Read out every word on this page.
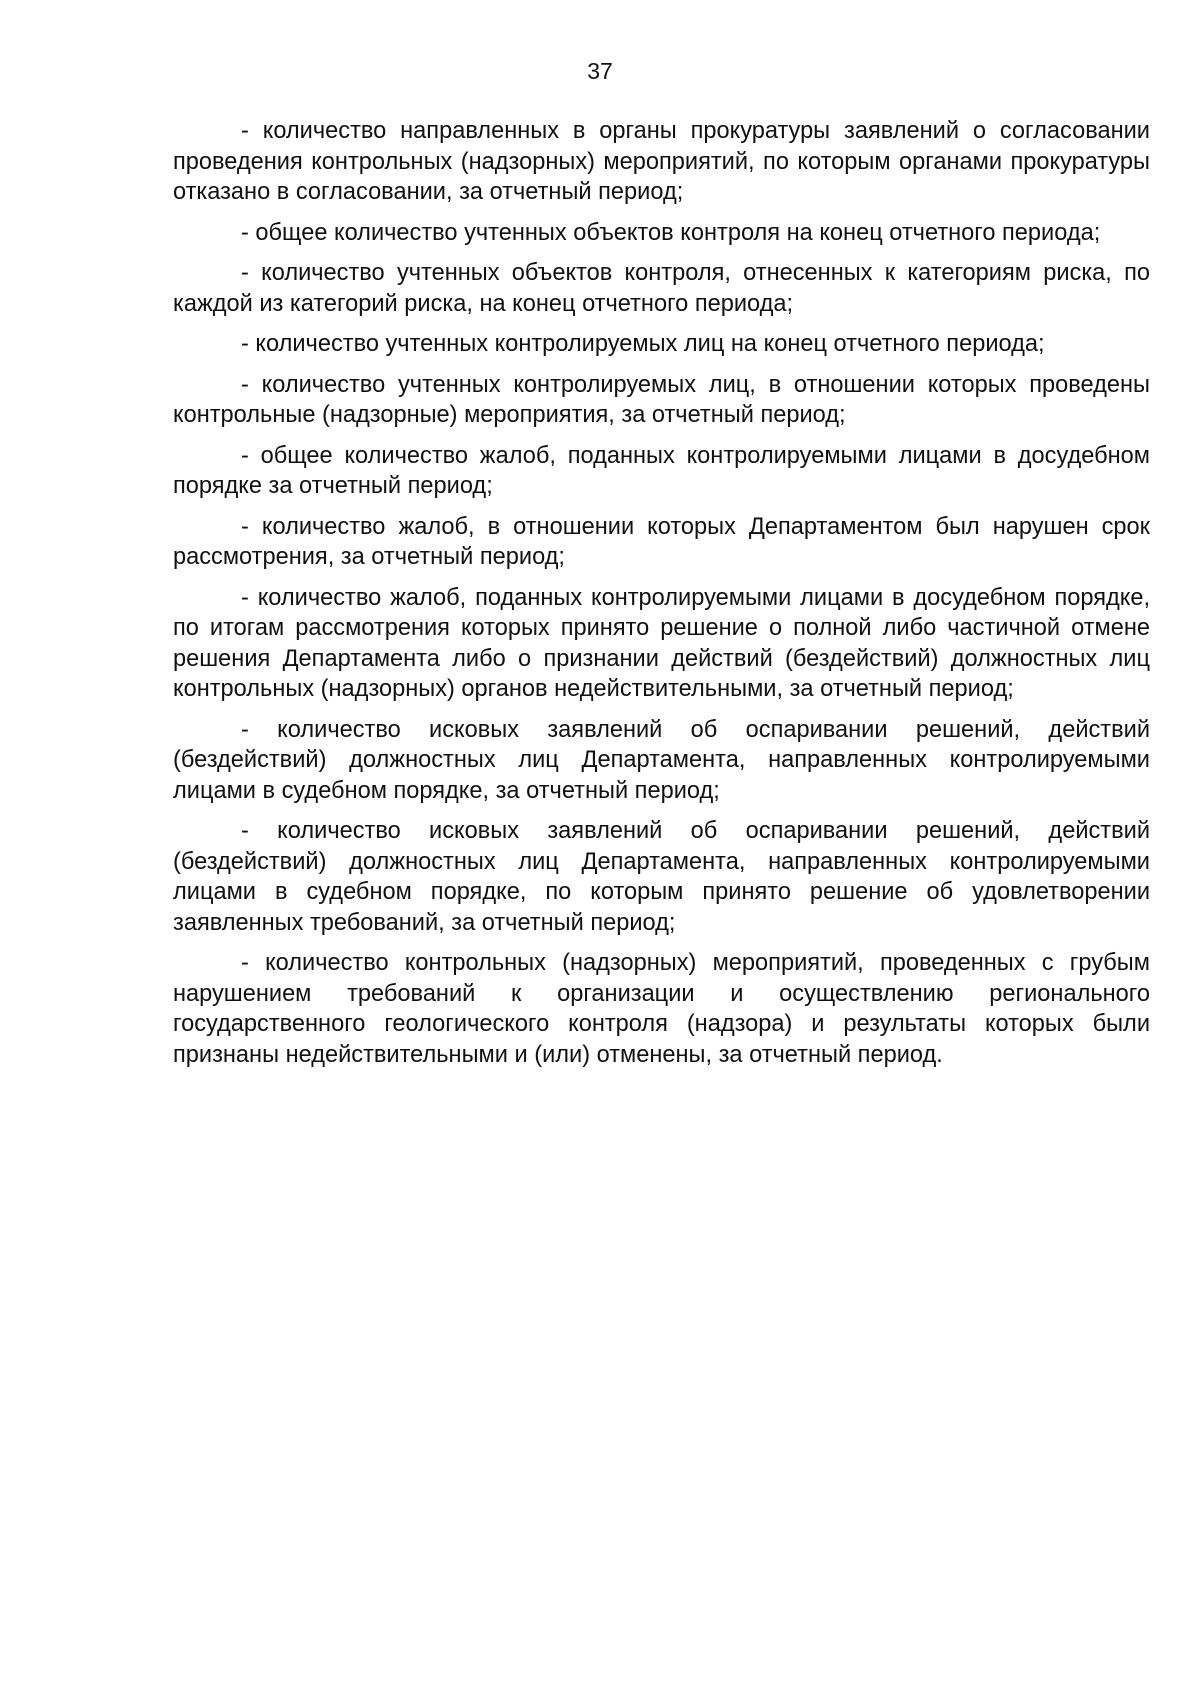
37

- количество направленных в органы прокуратуры заявлений о согласовании проведения контрольных (надзорных) мероприятий, по которым органами прокуратуры отказано в согласовании, за отчетный период;

- общее количество учтенных объектов контроля на конец отчетного периода;

- количество учтенных объектов контроля, отнесенных к категориям риска, по каждой из категорий риска, на конец отчетного периода;

- количество учтенных контролируемых лиц на конец отчетного периода;

- количество учтенных контролируемых лиц, в отношении которых проведены контрольные (надзорные) мероприятия, за отчетный период;

- общее количество жалоб, поданных контролируемыми лицами в досудебном порядке за отчетный период;

- количество жалоб, в отношении которых Департаментом был нарушен срок рассмотрения, за отчетный период;

- количество жалоб, поданных контролируемыми лицами в досудебном порядке, по итогам рассмотрения которых принято решение о полной либо частичной отмене решения Департамента либо о признании действий (бездействий) должностных лиц контрольных (надзорных) органов недействительными, за отчетный период;

- количество исковых заявлений об оспаривании решений, действий (бездействий) должностных лиц Департамента, направленных контролируемыми лицами в судебном порядке, за отчетный период;

- количество исковых заявлений об оспаривании решений, действий (бездействий) должностных лиц Департамента, направленных контролируемыми лицами в судебном порядке, по которым принято решение об удовлетворении заявленных требований, за отчетный период;

- количество контрольных (надзорных) мероприятий, проведенных с грубым нарушением требований к организации и осуществлению регионального государственного геологического контроля (надзора) и результаты которых были признаны недействительными и (или) отменены, за отчетный период.
